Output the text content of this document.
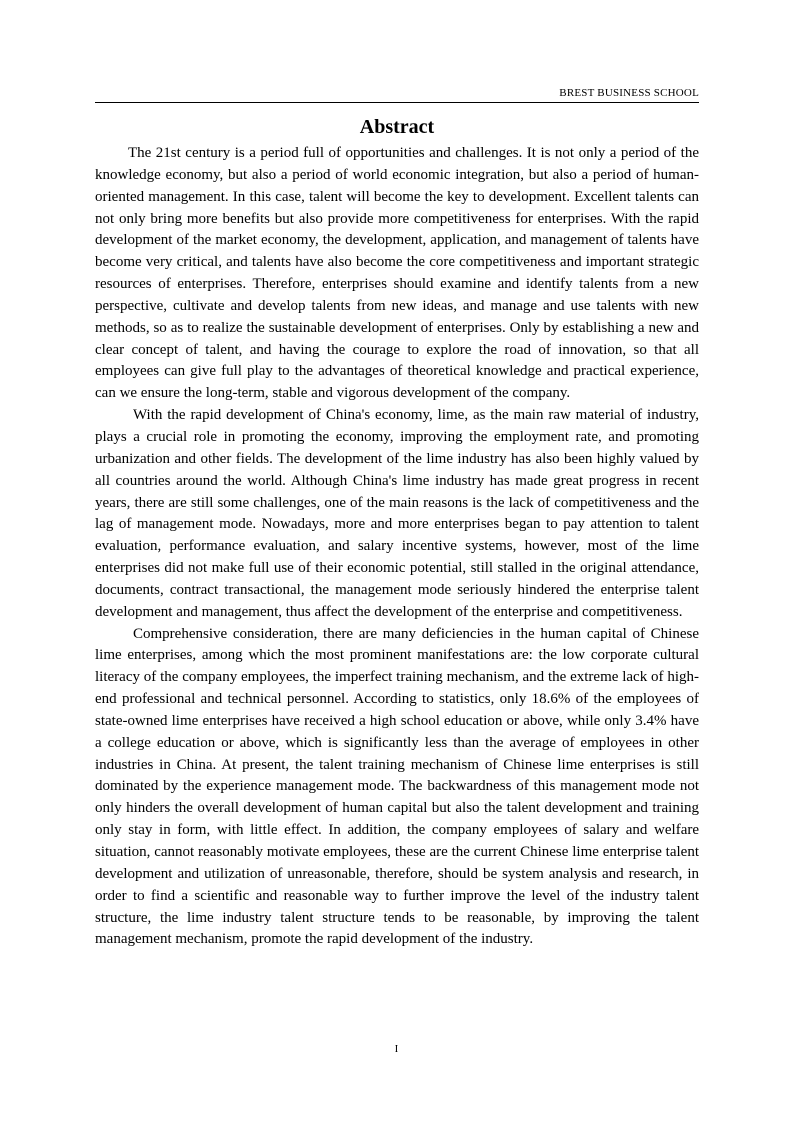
BREST BUSINESS SCHOOL
Abstract

The 21st century is a period full of opportunities and challenges. It is not only a period of the knowledge economy, but also a period of world economic integration, but also a period of human-oriented management. In this case, talent will become the key to development. Excellent talents can not only bring more benefits but also provide more competitiveness for enterprises. With the rapid development of the market economy, the development, application, and management of talents have become very critical, and talents have also become the core competitiveness and important strategic resources of enterprises. Therefore, enterprises should examine and identify talents from a new perspective, cultivate and develop talents from new ideas, and manage and use talents with new methods, so as to realize the sustainable development of enterprises. Only by establishing a new and clear concept of talent, and having the courage to explore the road of innovation, so that all employees can give full play to the advantages of theoretical knowledge and practical experience, can we ensure the long-term, stable and vigorous development of the company.

With the rapid development of China's economy, lime, as the main raw material of industry, plays a crucial role in promoting the economy, improving the employment rate, and promoting urbanization and other fields. The development of the lime industry has also been highly valued by all countries around the world. Although China's lime industry has made great progress in recent years, there are still some challenges, one of the main reasons is the lack of competitiveness and the lag of management mode. Nowadays, more and more enterprises began to pay attention to talent evaluation, performance evaluation, and salary incentive systems, however, most of the lime enterprises did not make full use of their economic potential, still stalled in the original attendance, documents, contract transactional, the management mode seriously hindered the enterprise talent development and management, thus affect the development of the enterprise and competitiveness.

Comprehensive consideration, there are many deficiencies in the human capital of Chinese lime enterprises, among which the most prominent manifestations are: the low corporate cultural literacy of the company employees, the imperfect training mechanism, and the extreme lack of high-end professional and technical personnel. According to statistics, only 18.6% of the employees of state-owned lime enterprises have received a high school education or above, while only 3.4% have a college education or above, which is significantly less than the average of employees in other industries in China. At present, the talent training mechanism of Chinese lime enterprises is still dominated by the experience management mode. The backwardness of this management mode not only hinders the overall development of human capital but also the talent development and training only stay in form, with little effect. In addition, the company employees of salary and welfare situation, cannot reasonably motivate employees, these are the current Chinese lime enterprise talent development and utilization of unreasonable, therefore, should be system analysis and research, in order to find a scientific and reasonable way to further improve the level of the industry talent structure, the lime industry talent structure tends to be reasonable, by improving the talent management mechanism, promote the rapid development of the industry.

I
